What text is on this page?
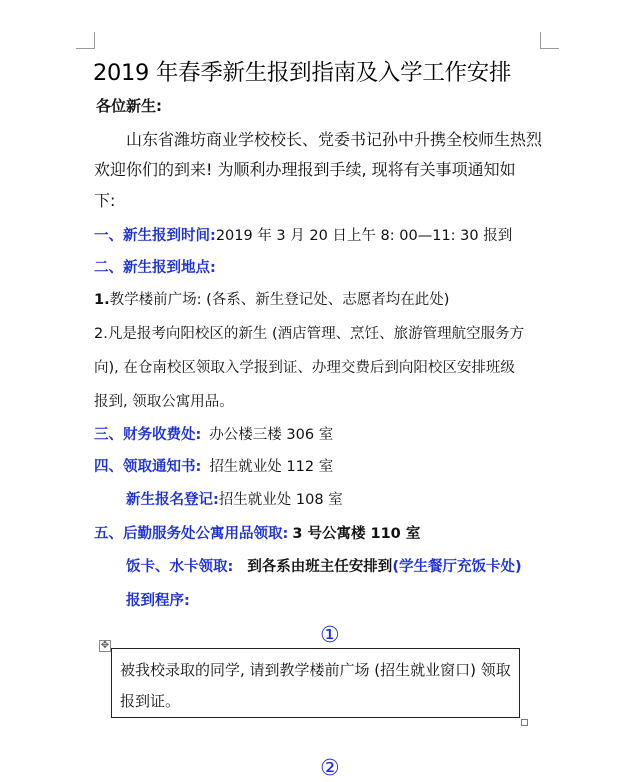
2019 年春季新生报到指南及入学工作安排
各位新生:
山东省潍坊商业学校校长、党委书记孙中升携全校师生热烈
欢迎你们的到来! 为顺利办理报到手续, 现将有关事项通知如
下:
一、新生报到时间:2019 年 3 月 20 日上午 8: 00—11: 30 报到
二、新生报到地点:
1.教学楼前广场: (各系、新生登记处、志愿者均在此处)
2.凡是报考向阳校区的新生 (酒店管理、烹饪、旅游管理航空服务方
向), 在仓南校区领取入学报到证、办理交费后到向阳校区安排班级
报到, 领取公寓用品。
三、财务收费处: 办公楼三楼 306 室
四、领取通知书: 招生就业处 112 室
新生报名登记:招生就业处 108 室
五、后勤服务处公寓用品领取: 3 号公寓楼 110 室
饭卡、水卡领取: 到各系由班主任安排到(学生餐厅充饭卡处)
报到程序:
①
✥
被我校录取的同学, 请到教学楼前广场 (招生就业窗口) 领取
报到证。
②
